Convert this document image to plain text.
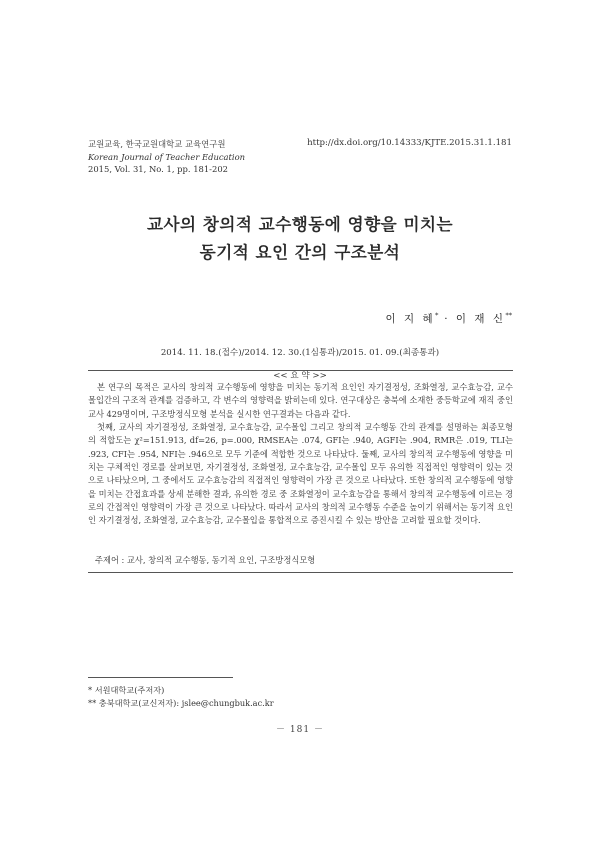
교원교육, 한국교원대학교 교육연구원
Korean Journal of Teacher Education
2015, Vol. 31, No. 1, pp. 181-202
http://dx.doi.org/10.14333/KJTE.2015.31.1.181
교사의 창의적 교수행동에 영향을 미치는
동기적 요인 간의 구조분석
이 지 혜* · 이 재 신**
2014. 11. 18.(접수)/2014. 12. 30.(1심통과)/2015. 01. 09.(최종통과)
<< 요 약 >>

본 연구의 목적은 교사의 창의적 교수행동에 영향을 미치는 동기적 요인인 자기결정성, 조화열정, 교수효능감, 교수몰입간의 구조적 관계를 검증하고, 각 변수의 영향력을 밝히는데 있다. 연구대상은 충북에 소재한 중등학교에 재직 중인 교사 429명이며, 구조방정식모형 분석을 실시한 연구결과는 다음과 같다.

첫째, 교사의 자기결정성, 조화열정, 교수효능감, 교수몰입 그리고 창의적 교수행동 간의 관계를 설명하는 최종모형의 적합도는 χ²=151.913, df=26, p=.000, RMSEA는 .074, GFI는 .940, AGFI는 .904, RMR은 .019, TLI는 .923, CFI는 .954, NFI는 .946으로 모두 기준에 적합한 것으로 나타났다. 둘째, 교사의 창의적 교수행동에 영향을 미치는 구체적인 경로를 살펴보면, 자기결정성, 조화열정, 교수효능감, 교수몰입 모두 유의한 직접적인 영향력이 있는 것으로 나타났으며, 그 중에서도 교수효능감의 직접적인 영향력이 가장 큰 것으로 나타났다. 또한 창의적 교수행동에 영향을 미치는 간접효과를 상세 분해한 결과, 유의한 경로 중 조화열정이 교수효능감을 통해서 창의적 교수행동에 이르는 경로의 간접적인 영향력이 가장 큰 것으로 나타났다. 따라서 교사의 창의적 교수행동 수준을 높이기 위해서는 동기적 요인인 자기결정성, 조화열정, 교수효능감, 교수몰입을 통합적으로 증진시킬 수 있는 방안을 고려할 필요할 것이다.

주제어 : 교사, 창의적 교수행동, 동기적 요인, 구조방정식모형
* 서원대학교(주저자)
** 충북대학교(교신저자): jslee@chungbuk.ac.kr
－ 181 －
